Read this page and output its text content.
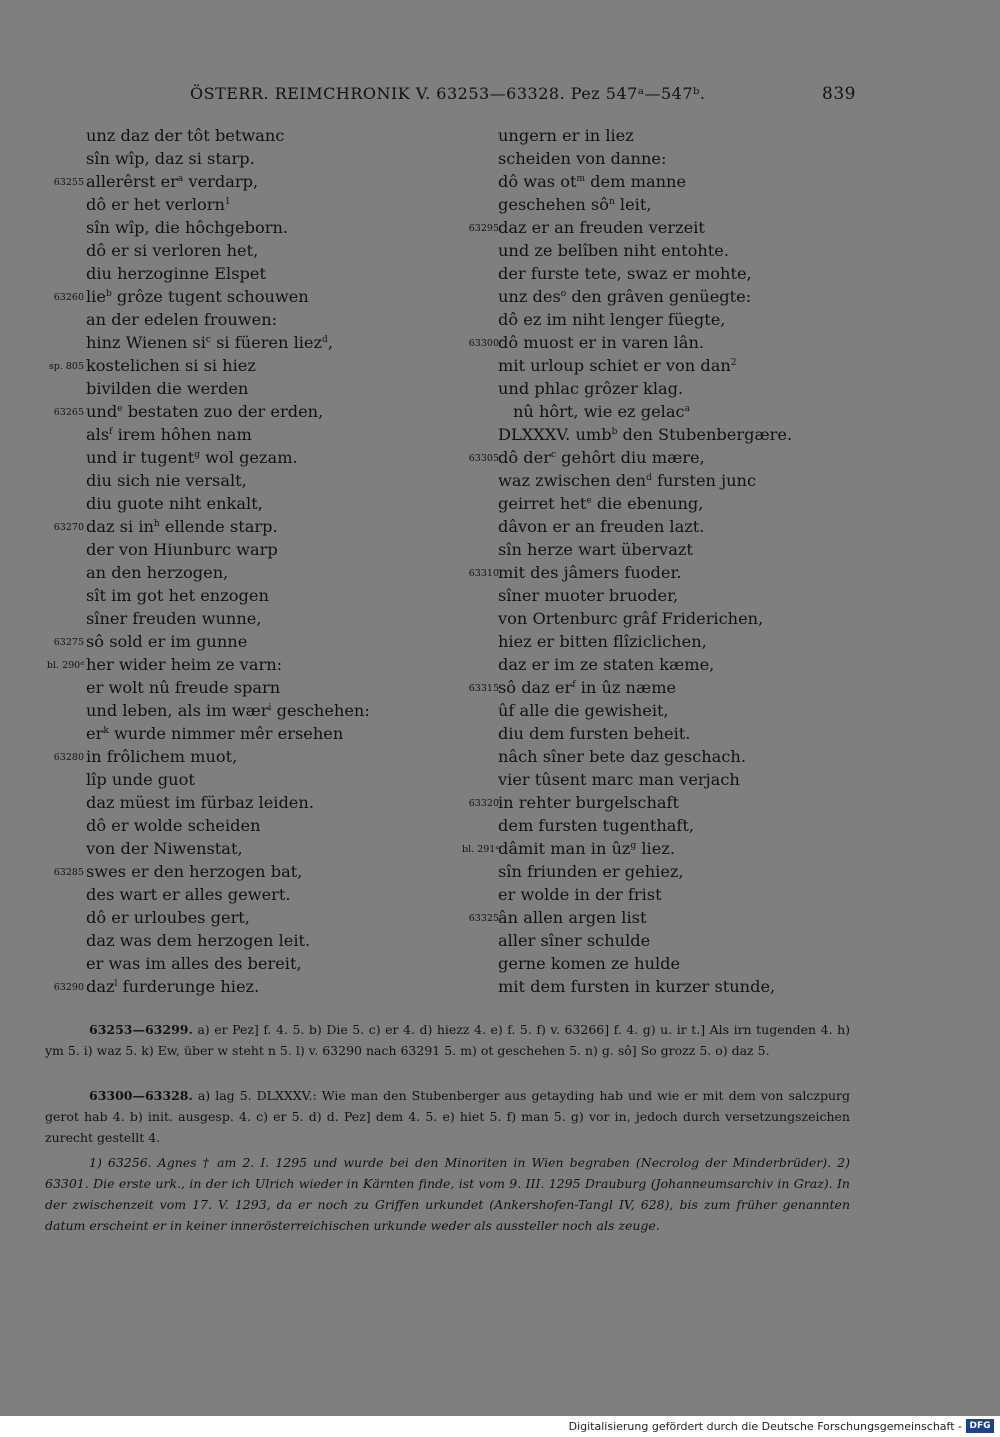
ÖSTERR. REIMCHRONIK V. 63253—63328. Pez 547ᵃ—547ᵇ.	839
unz daz der tôt betwanc
sîn wîp, daz si starp.
63255 allerêrst $er^a$ verdarp,
dô er het verlorn$^1$
sîn wîp, die hôchgeborn.
dô er si verloren het,
diu herzoginne Elspet
63260 lie$^b$ grôze tugent schouwen
an der edelen frouwen:
hinz Wienen $si^c$ si füeren liez$^d$,
sp. 805 kostelichen si si hiez
bivilden die werden
63265 und$^e$ bestaten zuo der erden,
als$^f$ irem hôhen nam
und ir tugent$^g$ wol gezam.
diu sich nie versalt,
diu guote niht enkalt,
63270 daz si $in^h$ ellende starp.
der von Hiunburc warp
an den herzogen,
sît im got het enzogen
sîner freuden wunne,
63275 sô sold er im gunne
bl. 290ᵈ her wider heim ze varn:
er wolt nû freude sparn
und leben, als im wær$^i$ geschehen:
$er^k$ wurde nimmer mêr ersehen
63280 in frôlichem muot,
lîp unde guot
daz müest im fürbaz leiden.
dô er wolde scheiden
von der Niwenstat,
63285 swes er den herzogen bat,
des wart er alles gewert.
dô er urloubes gert,
daz was dem herzogen leit.
er was im alles des bereit,
63290 daz$^l$ furderunge hiez.
ungern er in liez
scheiden von danne:
dô was $ot^m$ dem manne
geschehen $sô^n$ leit,
63295 daz er an freuden verzeit
und ze belîben niht entohte.
der furste tete, swaz er mohte,
unz des$^o$ den grâven genüegte:
dô ez im niht lenger füegte,
63300 dô muost er in varen lân.
mit urloup schiet er von dan$^2$
und phlac grôzer klag.
nû hôrt, wie ez gelac$^a$
DLXXXV. umb$^b$ den Stubenbergære.
63305 dô der$^c$ gehôrt diu mære,
waz zwischen den$^d$ fursten junc
geirret het$^e$ die ebenung,
dâvon er an freuden lazt.
sîn herze wart übervazt
63310 mit des jâmers fuoder.
sîner muoter bruoder,
von Ortenburc grâf Friderichen,
hiez er bitten flîziclichen,
daz er im ze staten kæme,
63315 sô daz $er^f$ in ûz næme
ûf alle die gewisheit,
diu dem fursten beheit.
nâch sîner bete daz geschach.
vier tûsent marc man verjach
63320 in rehter burgelschaft
dem fursten tugenthaft,
bl. 291ᵃ dâmit man in $ûz^g$ liez.
sîn friunden er gehiez,
er wolde in der frist
63325 ân allen argen list
aller sîner schulde
gerne komen ze hulde
mit dem fursten in kurzer stunde,

63253—63299. a) er Pez] f. 4. 5. b) Die 5. c) er 4. d) hiezz 4. e) f. 5. f) v. 63266] f. 4. g) u. ir t.] Als irn tugenden 4. h) ym 5. i) waz 5. k) Ew, über w steht n 5. l) v. 63290 nach 63291 5. m) ot geschehen 5. n) g. sô] So grozz 5. o) daz 5.

63300—63328. a) lag 5. DLXXXV.: Wie man den Stubenberger aus getayding hab und wie er mit dem von salczpurg gerot hab 4. b) init. ausgesp. 4. c) er 5. d) d. Pez] dem 4. 5. e) hiet 5. f) man 5. g) vor in, jedoch durch versetzungszeichen zurecht gestellt 4.

1) 63256. Agnes † am 2. I. 1295 und wurde bei den Minoriten in Wien begraben (Necrolog der Minderbrüder). 2) 63301. Die erste urk., in der ich Ulrich wieder in Kärnten finde, ist vom 9. III. 1295 Drauburg (Johanneumsarchiv in Graz). In der zwischenzeit vom 17. V. 1293, da er noch zu Griffen urkundet (Ankershofen-Tangl IV, 628), bis zum früher genannten datum erscheint er in keiner innerösterreichischen urkunde weder als aussteller noch als zeuge.

Digitalisierung gefördert durch die Deutsche Forschungsgemeinschaft - DFG
